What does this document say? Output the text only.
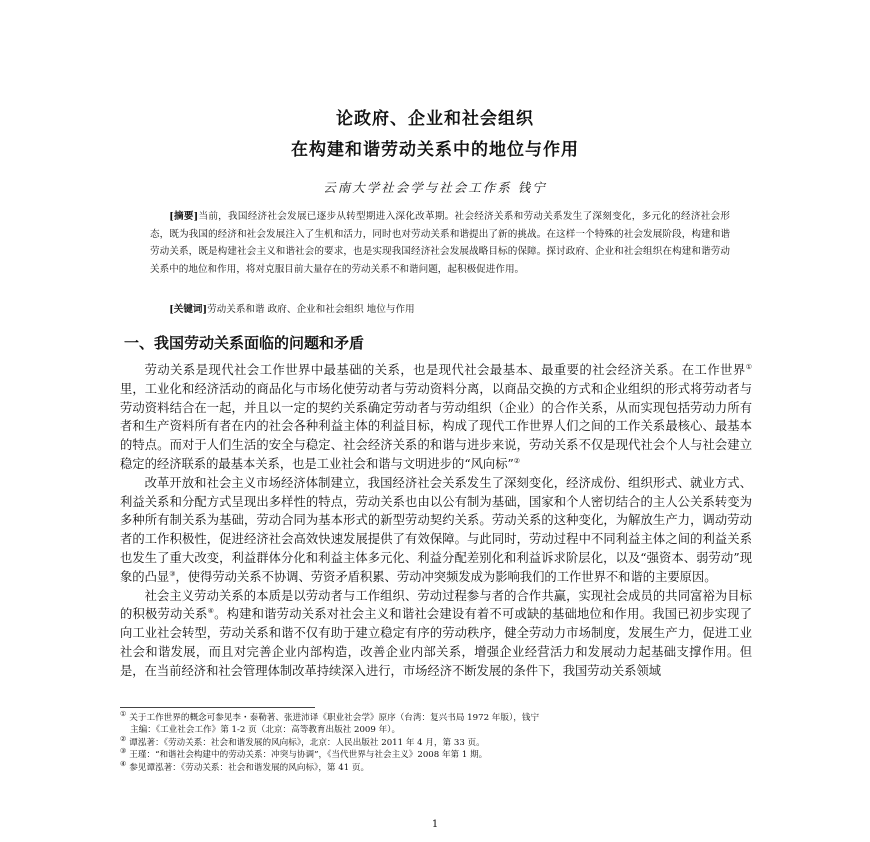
论政府、企业和社会组织
在构建和谐劳动关系中的地位与作用
云南大学社会学与社会工作系 钱宁
[摘要]当前，我国经济社会发展已逐步从转型期进入深化改革期。社会经济关系和劳动关系发生了深刻变化，多元化的经济社会形态，既为我国的经济和社会发展注入了生机和活力，同时也对劳动关系和谐提出了新的挑战。在这样一个特殊的社会发展阶段，构建和谐劳动关系，既是构建社会主义和谐社会的要求，也是实现我国经济社会发展战略目标的保障。探讨政府、企业和社会组织在构建和谐劳动关系中的地位和作用，将对克服目前大量存在的劳动关系不和谐问题，起积极促进作用。
[关键词]劳动关系和谐 政府、企业和社会组织 地位与作用
一、我国劳动关系面临的问题和矛盾

劳动关系是现代社会工作世界中最基础的关系，也是现代社会最基本、最重要的社会经济关系。在工作世界①里，工业化和经济活动的商品化与市场化使劳动者与劳动资料分离，以商品交换的方式和企业组织的形式将劳动者与劳动资料结合在一起，并且以一定的契约关系确定劳动者与劳动组织（企业）的合作关系，从而实现包括劳动力所有者和生产资料所有者在内的社会各种利益主体的利益目标，构成了现代工作世界人们之间的工作关系最核心、最基本的特点。而对于人们生活的安全与稳定、社会经济关系的和谐与进步来说，劳动关系不仅是现代社会个人与社会建立稳定的经济联系的最基本关系，也是工业社会和谐与文明进步的“风向标”②

改革开放和社会主义市场经济体制建立，我国经济社会关系发生了深刻变化，经济成份、组织形式、就业方式、利益关系和分配方式呈现出多样性的特点，劳动关系也由以公有制为基础，国家和个人密切结合的主人公关系转变为多种所有制关系为基础，劳动合同为基本形式的新型劳动契约关系。劳动关系的这种变化，为解放生产力，调动劳动者的工作积极性，促进经济社会高效快速发展提供了有效保障。与此同时，劳动过程中不同利益主体之间的利益关系也发生了重大改变，利益群体分化和利益主体多元化、利益分配差别化和利益诉求阶层化，以及“强资本、弱劳动”现象的凸显③，使得劳动关系不协调、劳资矛盾积累、劳动冲突频发成为影响我们的工作世界不和谐的主要原因。

社会主义劳动关系的本质是以劳动者与工作组织、劳动过程参与者的合作共赢，实现社会成员的共同富裕为目标的积极劳动关系④。构建和谐劳动关系对社会主义和谐社会建设有着不可或缺的基础地位和作用。我国已初步实现了向工业社会转型，劳动关系和谐不仅有助于建立稳定有序的劳动秩序，健全劳动力市场制度，发展生产力，促进工业社会和谐发展，而且对完善企业内部构造，改善企业内部关系，增强企业经营活力和发展动力起基础支撑作用。但是，在当前经济和社会管理体制改革持续深入进行，市场经济不断发展的条件下，我国劳动关系领域

① 关于工作世界的概念可参见李・泰勒著、张进沛译《职业社会学》原序（台湾：复兴书局 1972 年版），钱宁

主编：《工业社会工作》第 1-2 页（北京：高等教育出版社 2009 年）。

② 谭泓著：《劳动关系：社会和谐发展的风向标》，北京：人民出版社 2011 年 4 月，第 33 页。

③ 王瑾：“和谐社会构建中的劳动关系：冲突与协调”，《当代世界与社会主义》2008 年第 1 期。

④ 参见谭泓著：《劳动关系：社会和谐发展的风向标》，第 41 页。

1
